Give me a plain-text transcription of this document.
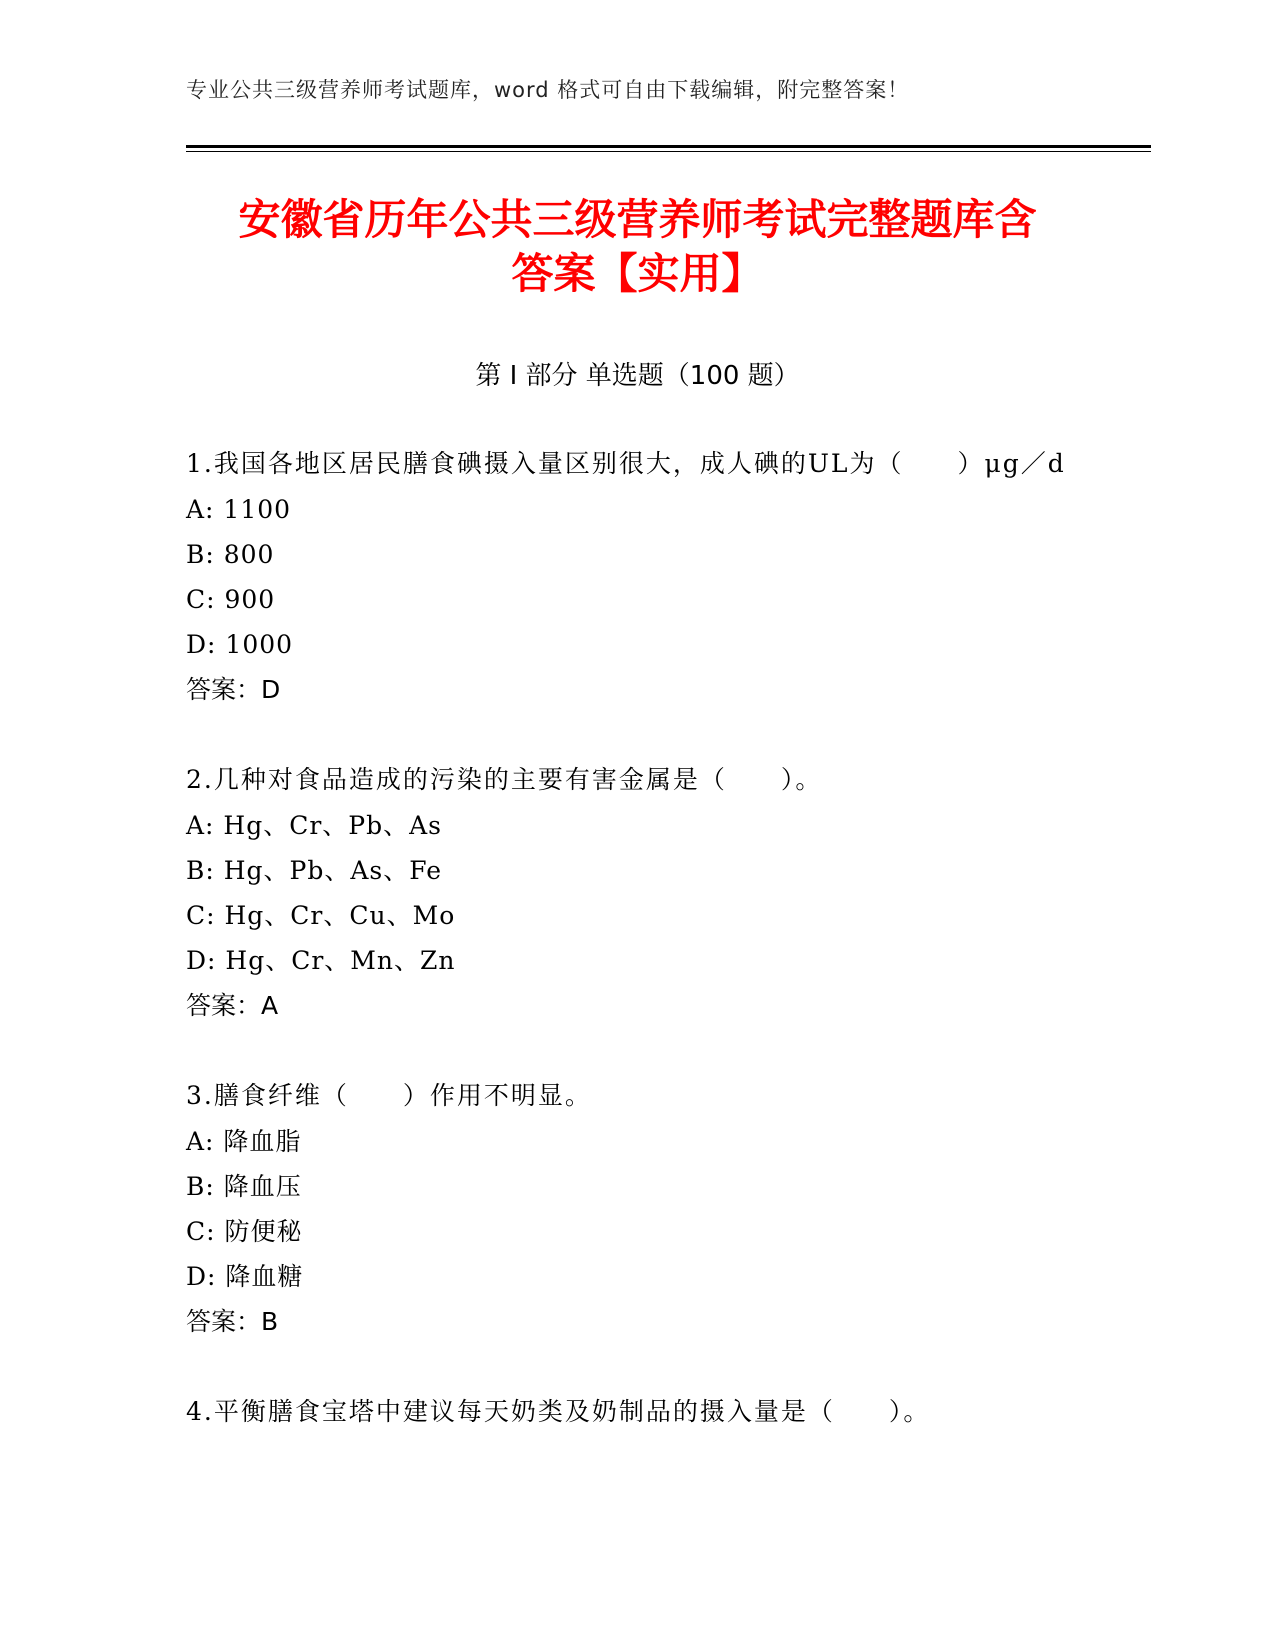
专业公共三级营养师考试题库，word 格式可自由下载编辑，附完整答案！
安徽省历年公共三级营养师考试完整题库含
答案【实用】
第 I 部分 单选题（100 题）
1.我国各地区居民膳食碘摄入量区别很大，成人碘的UL为（　　）μg／d
A: 1100
B: 800
C: 900
D: 1000
答案：D
2.几种对食品造成的污染的主要有害金属是（　　）。
A: Hg、Cr、Pb、As
B: Hg、Pb、As、Fe
C: Hg、Cr、Cu、Mo
D: Hg、Cr、Mn、Zn
答案：A
3.膳食纤维（　　）作用不明显。
A: 降血脂
B: 降血压
C: 防便秘
D: 降血糖
答案：B
4.平衡膳食宝塔中建议每天奶类及奶制品的摄入量是（　　）。
